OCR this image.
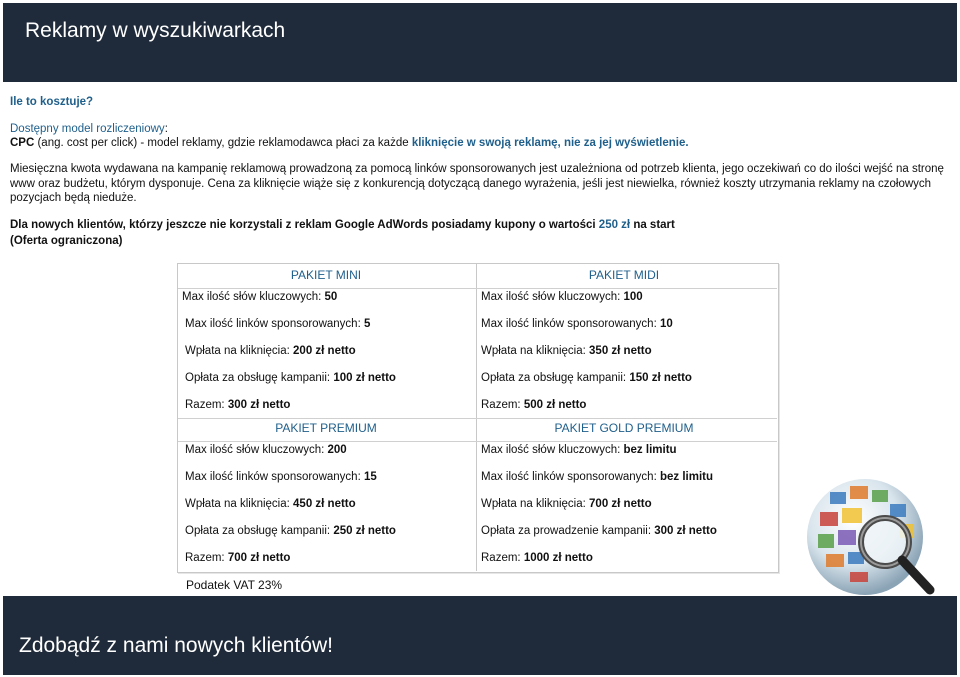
Reklamy w wyszukiwarkach
Ile to kosztuje?
Dostępny model rozliczeniowy:
CPC (ang. cost per click) - model reklamy, gdzie reklamodawca płaci za każde kliknięcie w swoją reklamę, nie za jej wyświetlenie.
Miesięczna kwota wydawana na kampanię reklamową prowadzoną za pomocą linków sponsorowanych jest uzależniona od potrzeb klienta, jego oczekiwań co do ilości wejść na stronę www oraz budżetu, którym dysponuje. Cena za kliknięcie wiąże się z konkurencją dotyczącą danego wyrażenia, jeśli jest niewielka, również koszty utrzymania reklamy na czołowych pozycjach będą nieduże.
Dla nowych klientów, którzy jeszcze nie korzystali z reklam Google AdWords posiadamy kupony o wartości 250 zł na start
(Oferta ograniczona)
PAKIET MINI
Max ilość słów kluczowych: 50
Max ilość linków sponsorowanych: 5
Wpłata na kliknięcia: 200 zł netto
Opłata za obsługę kampanii: 100 zł netto
Razem: 300 zł netto
PAKIET MIDI
Max ilość słów kluczowych: 100
Max ilość linków sponsorowanych: 10
Wpłata na kliknięcia: 350 zł netto
Opłata za obsługę kampanii: 150 zł netto
Razem: 500 zł netto
PAKIET PREMIUM
Max ilość słów kluczowych: 200
Max ilość linków sponsorowanych: 15
Wpłata na kliknięcia: 450 zł netto
Opłata za obsługę kampanii: 250 zł netto
Razem: 700 zł netto
PAKIET GOLD PREMIUM
Max ilość słów kluczowych: bez limitu
Max ilość linków sponsorowanych: bez limitu
Wpłata na kliknięcia: 700 zł netto
Opłata za prowadzenie kampanii: 300 zł netto
Razem: 1000 zł netto
Podatek VAT 23%
Zdobądź z nami nowych klientów!
